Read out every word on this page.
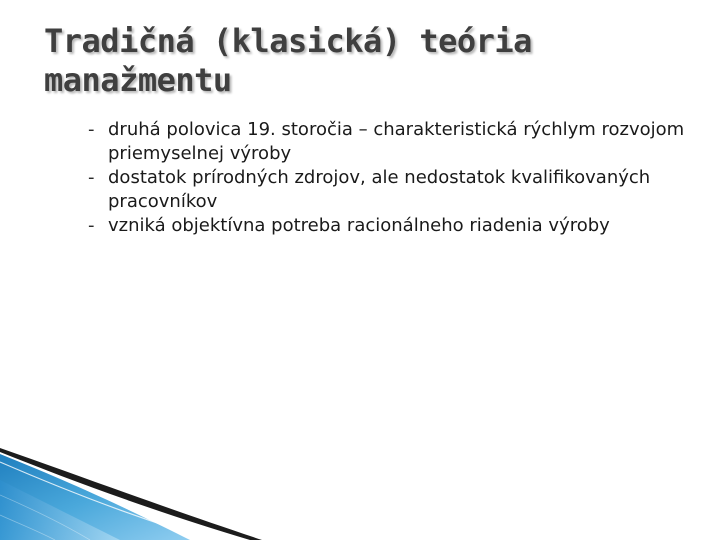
Tradičná (klasická) teória
manažmentu
- druhá polovica 19. storočia – charakteristická rýchlym rozvojom priemyselnej výroby
- dostatok prírodných zdrojov, ale nedostatok kvalifikovaných pracovníkov
- vzniká objektívna potreba racionálneho riadenia výroby
